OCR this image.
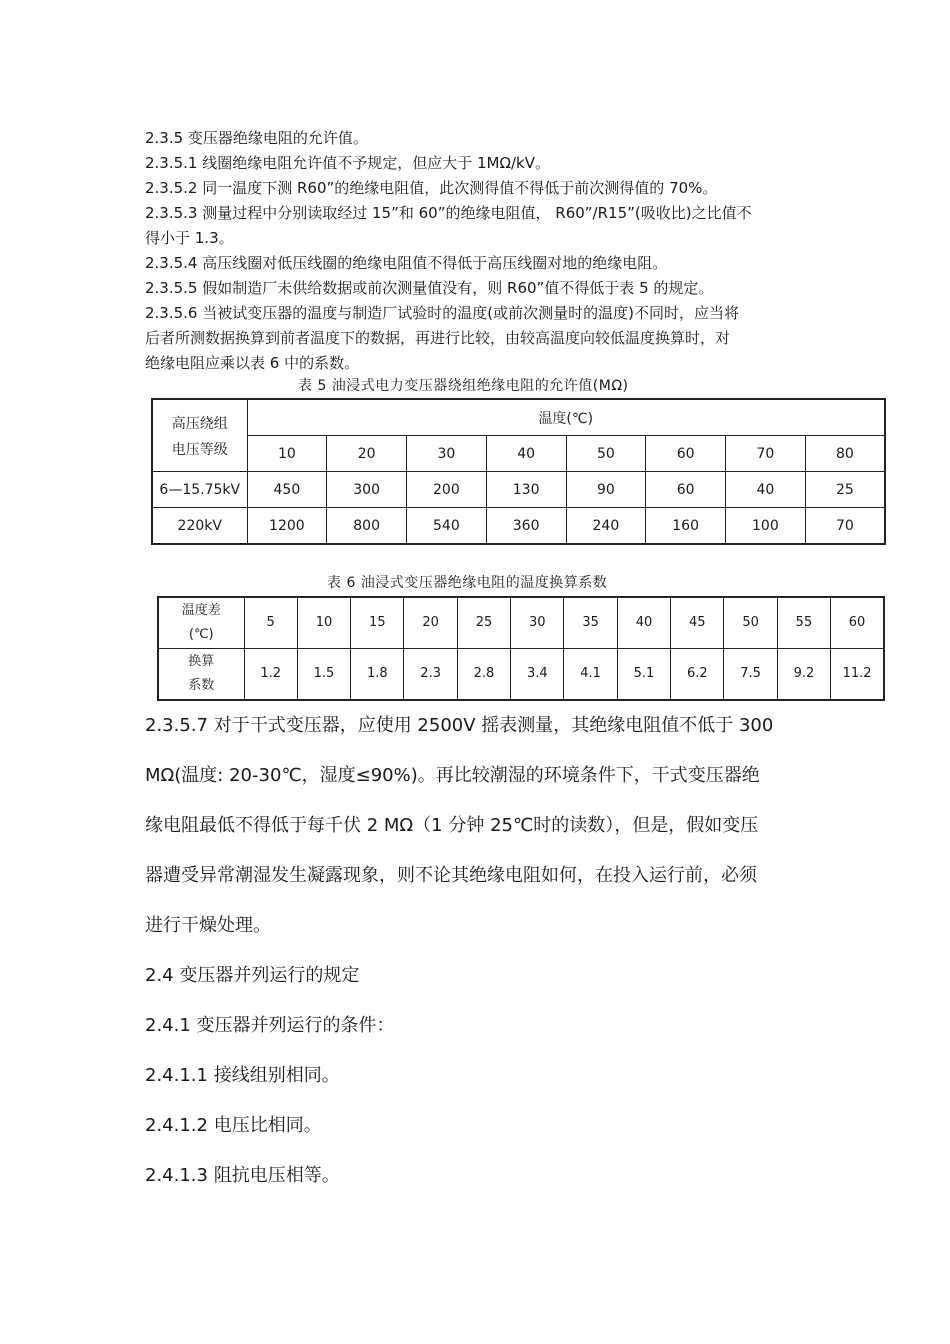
2.3.5 变压器绝缘电阻的允许值。
2.3.5.1 线圈绝缘电阻允许值不予规定，但应大于 1MΩ/kV。
2.3.5.2 同一温度下测 R60”的绝缘电阻值，此次测得值不得低于前次测得值的 70%。
2.3.5.3 测量过程中分别读取经过 15”和 60”的绝缘电阻值， R60”/R15”(吸收比)之比值不
得小于 1.3。
2.3.5.4 高压线圈对低压线圈的绝缘电阻值不得低于高压线圈对地的绝缘电阻。
2.3.5.5 假如制造厂未供给数据或前次测量值没有，则 R60”值不得低于表 5 的规定。
2.3.5.6 当被试变压器的温度与制造厂试验时的温度(或前次测量时的温度)不同时，应当将
后者所测数据换算到前者温度下的数据，再进行比较，由较高温度向较低温度换算时，对
绝缘电阻应乘以表 6 中的系数。
表 5 油浸式电力变压器绕组绝缘电阻的允许值(MΩ)
高压绕组
电压等级	温度(℃)							
	10	20	30	40	50	60	70	80
6—15.75kV	450	300	200	130	90	60	40	25
220kV	1200	800	540	360	240	160	100	70
表 6 油浸式变压器绝缘电阻的温度换算系数
温度差
(℃)	5	10	15	20	25	30	35	40	45	50	55	60

换算
系数	1.2	1.5	1.8	2.3	2.8	3.4	4.1	5.1	6.2	7.5	9.2	11.2
2.3.5.7 对于干式变压器，应使用 2500V 摇表测量，其绝缘电阻值不低于 300
MΩ(温度: 20-30℃，湿度≤90%)。再比较潮湿的环境条件下，干式变压器绝
缘电阻最低不得低于每千伏 2 MΩ（1 分钟 25℃时的读数），但是，假如变压
器遭受异常潮湿发生凝露现象，则不论其绝缘电阻如何，在投入运行前，必须
进行干燥处理。
2.4 变压器并列运行的规定
2.4.1 变压器并列运行的条件：
2.4.1.1 接线组别相同。
2.4.1.2 电压比相同。
2.4.1.3 阻抗电压相等。
